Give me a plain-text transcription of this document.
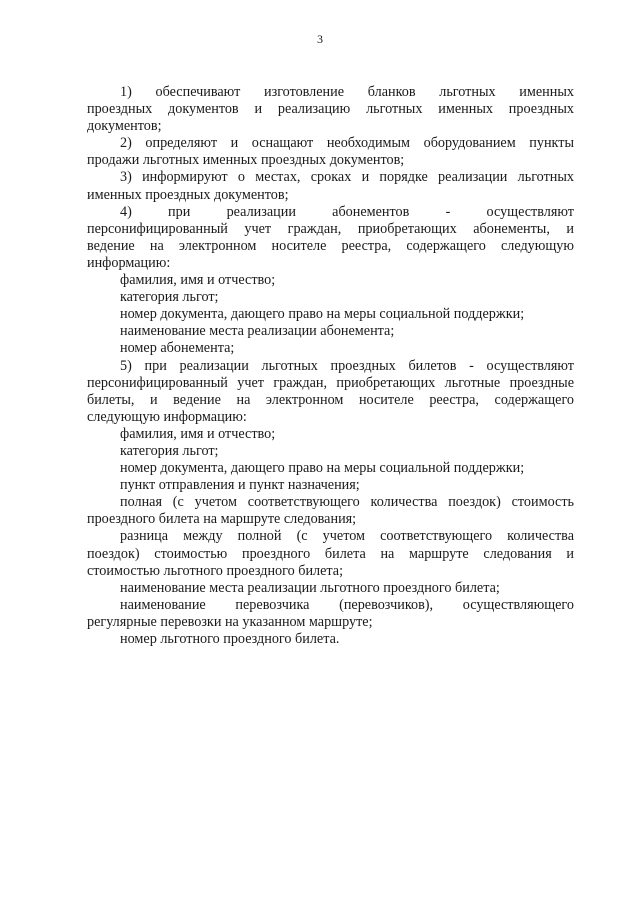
3
1)    обеспечивают    изготовление    бланков    льготных    именных
проездных документов и реализацию льготных именных проездных
документов;
2) определяют и оснащают необходимым оборудованием пункты
продажи льготных именных проездных документов;
3) информируют о местах, сроках и порядке реализации льготных
именных проездных документов;
4)    при    реализации    абонементов    -    осуществляют
персонифицированный учет граждан, приобретающих абонементы, и
ведение на электронном носителе реестра, содержащего следующую
информацию:
фамилия, имя и отчество;
категория льгот;
номер документа, дающего право на меры социальной поддержки;
наименование места реализации абонемента;
номер абонемента;
5) при реализации льготных проездных билетов - осуществляют
персонифицированный учет граждан, приобретающих льготные проездные
билеты, и ведение на электронном носителе реестра, содержащего
следующую информацию:
фамилия, имя и отчество;
категория льгот;
номер документа, дающего право на меры социальной поддержки;
пункт отправления и пункт назначения;
полная (с учетом соответствующего количества поездок) стоимость
проездного билета на маршруте следования;
разница между полной (с учетом соответствующего количества
поездок) стоимостью проездного билета на маршруте следования и
стоимостью льготного проездного билета;
наименование места реализации льготного проездного билета;
наименование    перевозчика    (перевозчиков),    осуществляющего
регулярные перевозки на указанном маршруте;
номер льготного проездного билета.
